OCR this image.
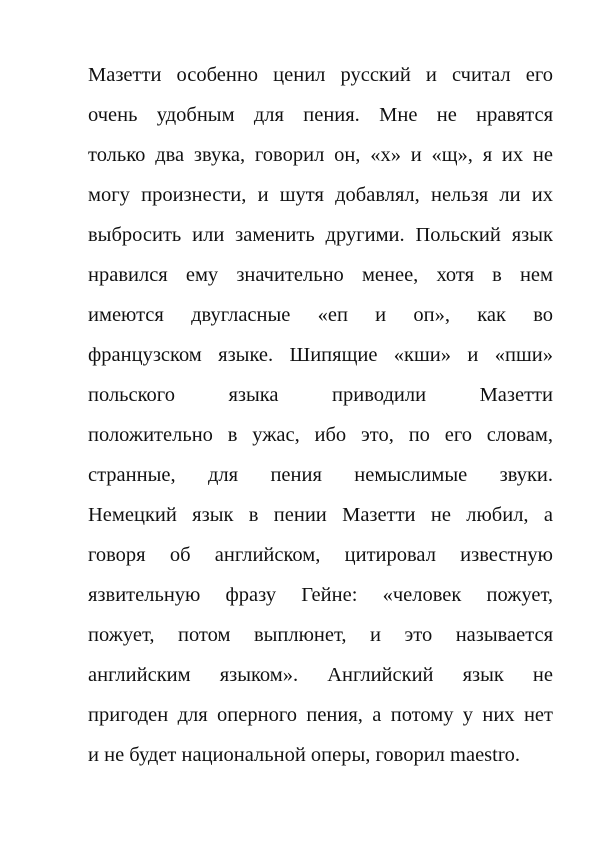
Мазетти особенно ценил русский и считал его
очень удобным для пения. Мне не нравятся
только два звука, говорил он, «х» и «щ», я их не
могу произнести, и шутя добавлял, нельзя ли их
выбросить или заменить другими. Польский язык
нравился ему значительно менее, хотя в нем
имеются двугласные «еп и оп», как во
французском языке. Шипящие «кши» и «пши»
польского языка приводили Мазетти
положительно в ужас, ибо это, по его словам,
странные, для пения немыслимые звуки.
Немецкий язык в пении Мазетти не любил, а
говоря об английском, цитировал известную
язвительную фразу Гейне: «человек пожует,
пожует, потом выплюнет, и это называется
английским языком». Английский язык не
пригоден для оперного пения, а потому у них нет
и не будет национальной оперы, говорил maestro.
